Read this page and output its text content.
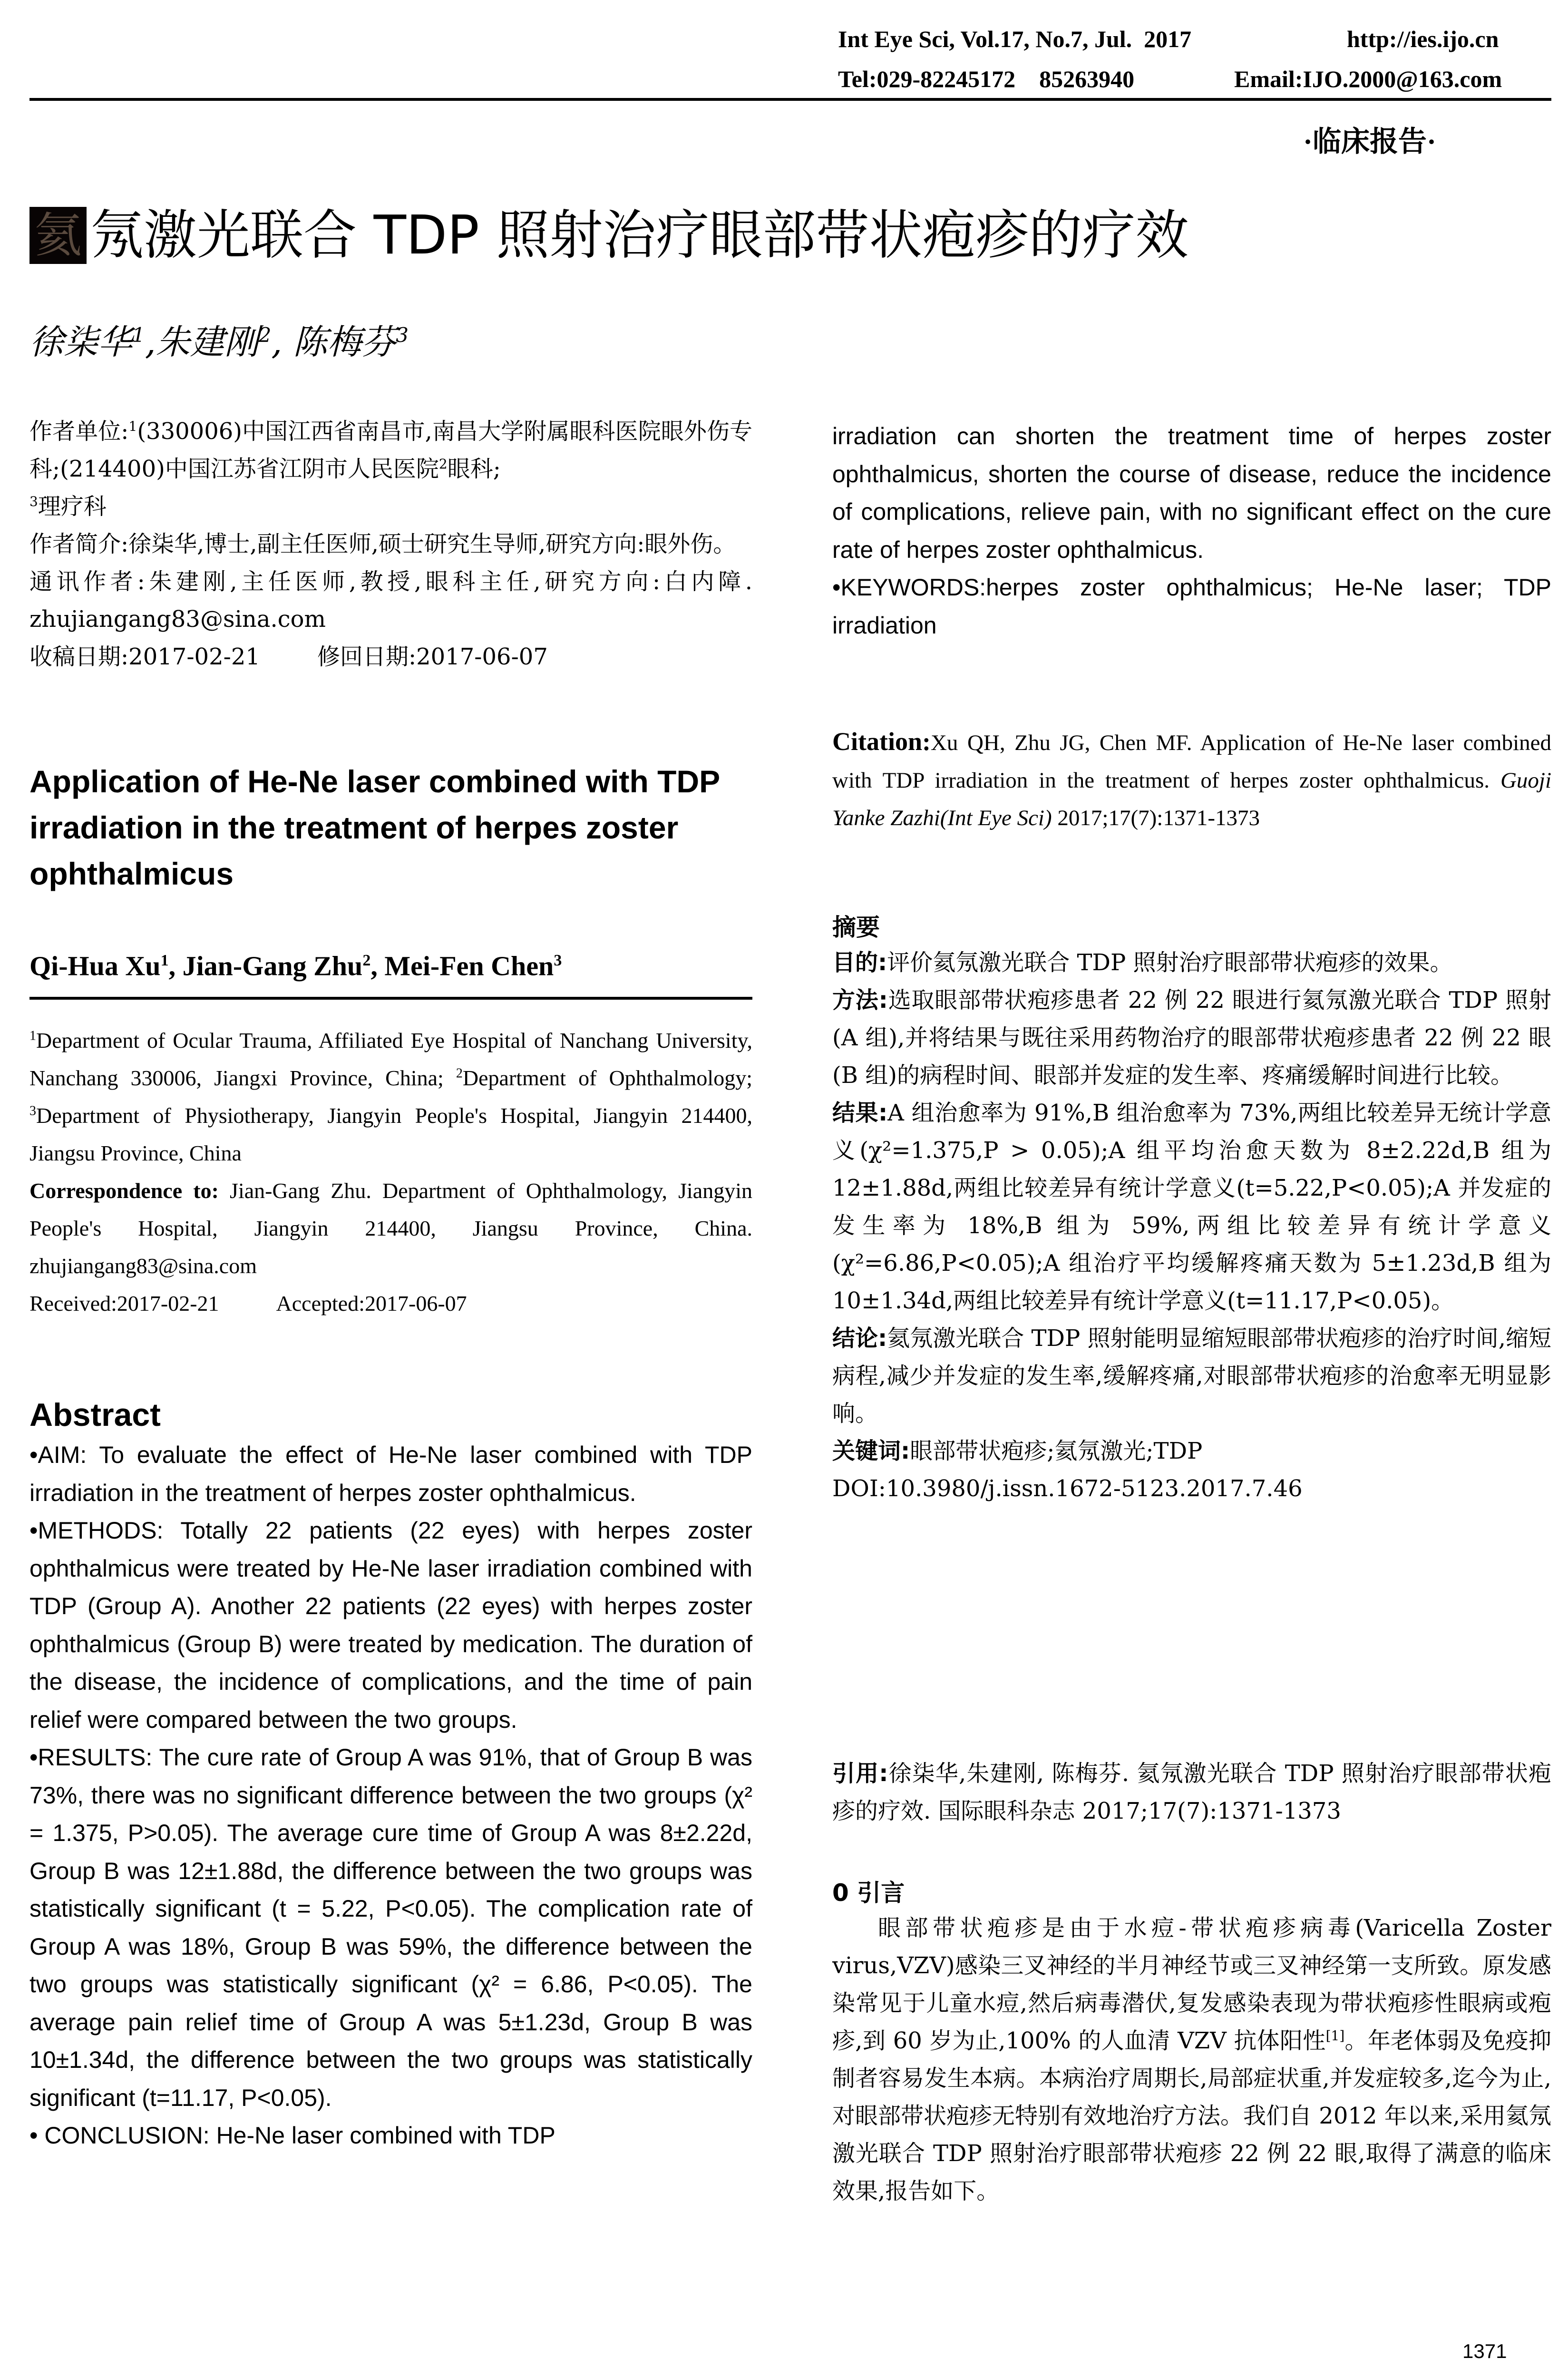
Int Eye Sci, Vol.17, No.7, Jul.  2017	http://ies.ijo.cn
Tel:029-82245172    85263940	Email:IJO.2000@163.com
·临床报告·
氦 氖激光联合 TDP 照射治疗眼部带状疱疹的疗效
徐柒华$^1$,朱建刚$^2$, 陈梅芬$^3$
作者单位:$^1$(330006)中国江西省南昌市,南昌大学附属眼科医院眼外伤专科;(214400)中国江苏省江阴市人民医院$^2$眼科;
$^3$理疗科
作者简介:徐柒华,博士,副主任医师,硕士研究生导师,研究方向:眼外伤。
通讯作者:朱建刚,主任医师,教授,眼科主任,研究方向:白内障. zhujiangang83@sina.com
收稿日期:2017-02-21	修回日期:2017-06-07
Application of He-Ne laser combined with TDP irradiation in the treatment of herpes zoster ophthalmicus
Qi-Hua Xu$^1$, Jian-Gang Zhu$^2$, Mei-Fen Chen$^3$
$^1$Department of Ocular Trauma, Affiliated Eye Hospital of Nanchang University, Nanchang 330006, Jiangxi Province, China; $^2$Department of Ophthalmology; $^3$Department of Physiotherapy, Jiangyin People's Hospital, Jiangyin 214400, Jiangsu Province, China
Correspondence to: Jian-Gang Zhu. Department of Ophthalmology, Jiangyin People's Hospital, Jiangyin 214400, Jiangsu Province, China. zhujiangang83@sina.com
Received:2017-02-21	Accepted:2017-06-07
Abstract

•AIM: To evaluate the effect of He-Ne laser combined with TDP irradiation in the treatment of herpes zoster ophthalmicus.

•METHODS: Totally 22 patients (22 eyes) with herpes zoster ophthalmicus were treated by He-Ne laser irradiation combined with TDP (Group A). Another 22 patients (22 eyes) with herpes zoster ophthalmicus (Group B) were treated by medication. The duration of the disease, the incidence of complications, and the time of pain relief were compared between the two groups.

•RESULTS: The cure rate of Group A was 91%, that of Group B was 73%, there was no significant difference between the two groups (χ² = 1.375, P>0.05). The average cure time of Group A was 8±2.22d, Group B was 12±1.88d, the difference between the two groups was statistically significant (t = 5.22, P<0.05). The complication rate of Group A was 18%, Group B was 59%, the difference between the two groups was statistically significant (χ² = 6.86, P<0.05). The average pain relief time of Group A was 5±1.23d, Group B was 10±1.34d, the difference between the two groups was statistically significant (t=11.17, P<0.05).

• CONCLUSION: He-Ne laser combined with TDP

irradiation can shorten the treatment time of herpes zoster ophthalmicus, shorten the course of disease, reduce the incidence of complications, relieve pain, with no significant effect on the cure rate of herpes zoster ophthalmicus.

•KEYWORDS:herpes zoster ophthalmicus; He-Ne laser; TDP irradiation

Citation:Xu QH, Zhu JG, Chen MF. Application of He-Ne laser combined with TDP irradiation in the treatment of herpes zoster ophthalmicus. Guoji Yanke Zazhi(Int Eye Sci) 2017;17(7):1371-1373
摘要

目的:评价氦氖激光联合 TDP 照射治疗眼部带状疱疹的效果。

方法:选取眼部带状疱疹患者 22 例 22 眼进行氦氖激光联合 TDP 照射(A 组),并将结果与既往采用药物治疗的眼部带状疱疹患者 22 例 22 眼(B 组)的病程时间、眼部并发症的发生率、疼痛缓解时间进行比较。

结果:A 组治愈率为 91%,B 组治愈率为 73%,两组比较差异无统计学意义(χ²=1.375,P > 0.05);A 组平均治愈天数为 8±2.22d,B 组为 12±1.88d,两组比较差异有统计学意义(t=5.22,P<0.05);A 并发症的发生率为 18%,B 组为 59%,两组比较差异有统计学意义(χ²=6.86,P<0.05);A 组治疗平均缓解疼痛天数为 5±1.23d,B 组为 10±1.34d,两组比较差异有统计学意义(t=11.17,P<0.05)。

结论:氦氖激光联合 TDP 照射能明显缩短眼部带状疱疹的治疗时间,缩短病程,减少并发症的发生率,缓解疼痛,对眼部带状疱疹的治愈率无明显影响。

关键词:眼部带状疱疹;氦氖激光;TDP

DOI:10.3980/j.issn.1672-5123.2017.7.46

引用:徐柒华,朱建刚, 陈梅芬. 氦氖激光联合 TDP 照射治疗眼部带状疱疹的疗效. 国际眼科杂志 2017;17(7):1371-1373
0 引言

眼部带状疱疹是由于水痘-带状疱疹病毒(Varicella Zoster virus,VZV)感染三叉神经的半月神经节或三叉神经第一支所致。原发感染常见于儿童水痘,然后病毒潜伏,复发感染表现为带状疱疹性眼病或疱疹,到 60 岁为止,100% 的人血清 VZV 抗体阳性[1]。年老体弱及免疫抑制者容易发生本病。本病治疗周期长,局部症状重,并发症较多,迄今为止,对眼部带状疱疹无特别有效地治疗方法。我们自 2012 年以来,采用氦氖激光联合 TDP 照射治疗眼部带状疱疹 22 例 22 眼,取得了满意的临床效果,报告如下。

1371
